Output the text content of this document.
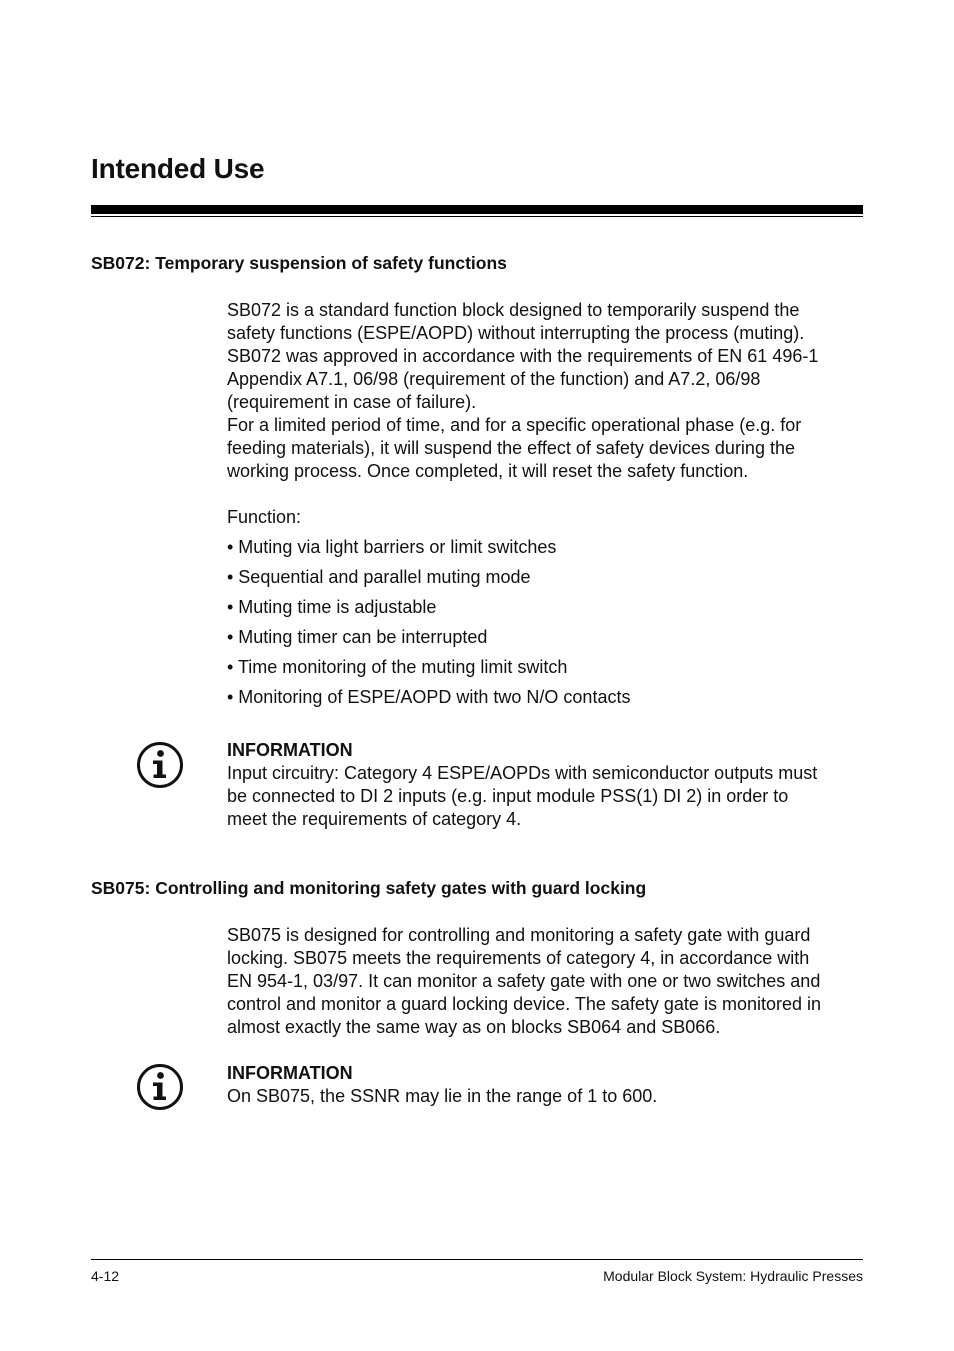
Intended Use
SB072: Temporary suspension of safety functions

SB072 is a standard function block designed to temporarily suspend the

safety functions (ESPE/AOPD) without interrupting the process (muting).

SB072 was approved in accordance with the requirements of EN 61 496-1

Appendix A7.1, 06/98 (requirement of the function) and A7.2, 06/98

(requirement in case of failure).

For a limited period of time, and for a specific operational phase (e.g. for

feeding materials), it will suspend the effect of safety devices during the

working process. Once completed, it will reset the safety function.

Function:
• Muting via light barriers or limit switches
• Sequential and parallel muting mode
• Muting time is adjustable
• Muting timer can be interrupted
• Time monitoring of the muting limit switch
• Monitoring of ESPE/AOPD with two N/O contacts

INFORMATION

Input circuitry: Category 4 ESPE/AOPDs with semiconductor outputs must

be connected to DI 2 inputs (e.g. input module PSS(1) DI 2) in order to

meet the requirements of category 4.

SB075: Controlling and monitoring safety gates with guard locking

SB075 is designed for controlling and monitoring a safety gate with guard

locking. SB075 meets the requirements of category 4, in accordance with

EN 954-1, 03/97. It can monitor a safety gate with one or two switches and

control and monitor a guard locking device. The safety gate is monitored in

almost exactly the same way as on blocks SB064 and SB066.

INFORMATION

On SB075, the SSNR may lie in the range of 1 to 600.

4-12	Modular Block System: Hydraulic Presses
